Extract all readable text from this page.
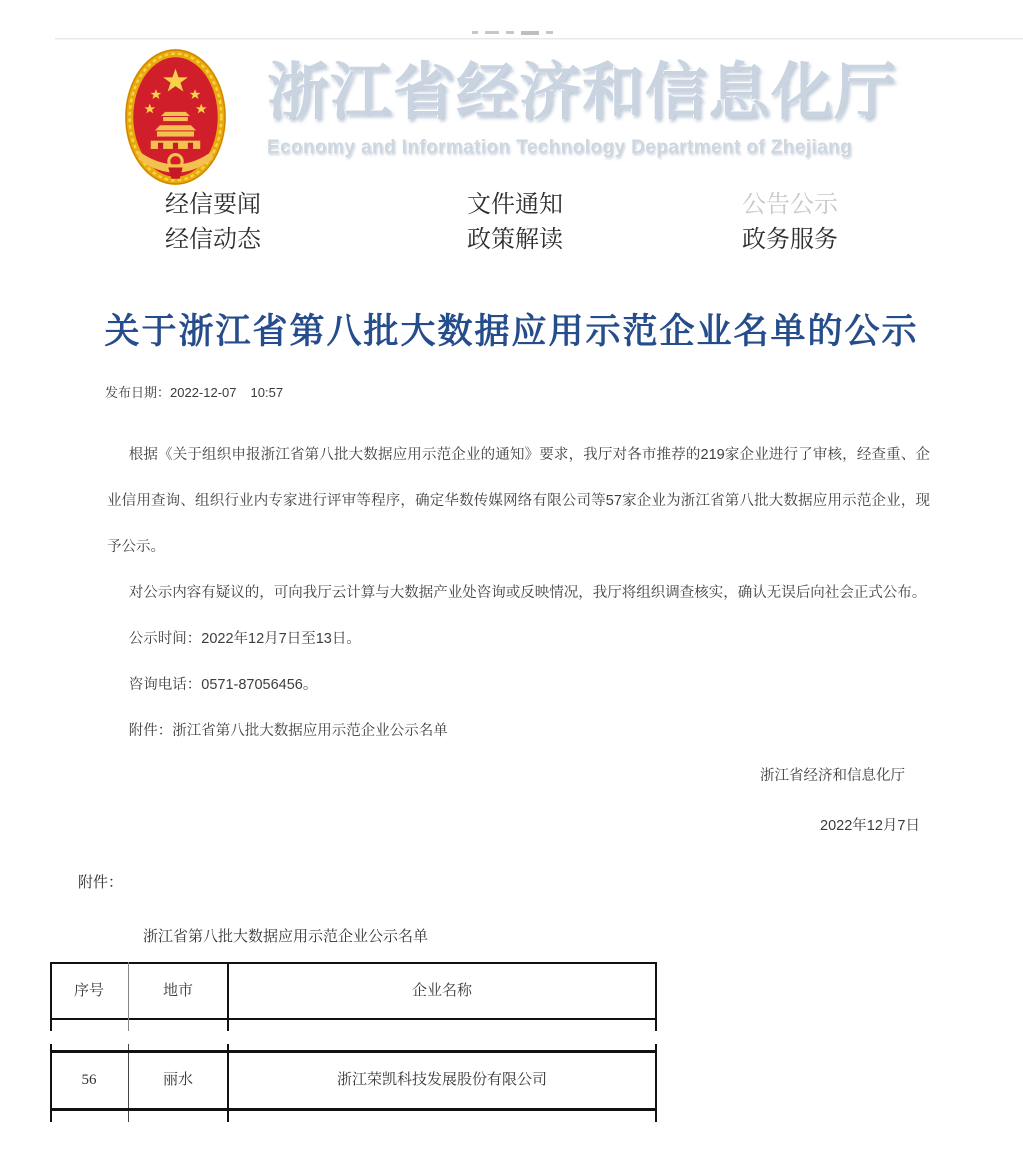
浙江省经济和信息化厅
Economy and Information Technology Department of Zhejiang
经信要闻	文件通知	公告公示
经信动态	政策解读	政务服务
关于浙江省第八批大数据应用示范企业名单的公示
发布日期：2022-12-07 10:57

根据《关于组织申报浙江省第八批大数据应用示范企业的通知》要求，我厅对各市推荐的219家企业进行了审核，经查重、企业信用查询、组织行业内专家进行评审等程序，确定华数传媒网络有限公司等57家企业为浙江省第八批大数据应用示范企业，现予公示。

对公示内容有疑议的，可向我厅云计算与大数据产业处咨询或反映情况，我厅将组织调查核实，确认无误后向社会正式公布。

公示时间：2022年12月7日至13日。

咨询电话：0571-87056456。

附件：浙江省第八批大数据应用示范企业公示名单

浙江省经济和信息化厅
2022年12月7日
附件：
浙江省第八批大数据应用示范企业公示名单
序号	地市	企业名称
56	丽水	浙江荣凯科技发展股份有限公司
